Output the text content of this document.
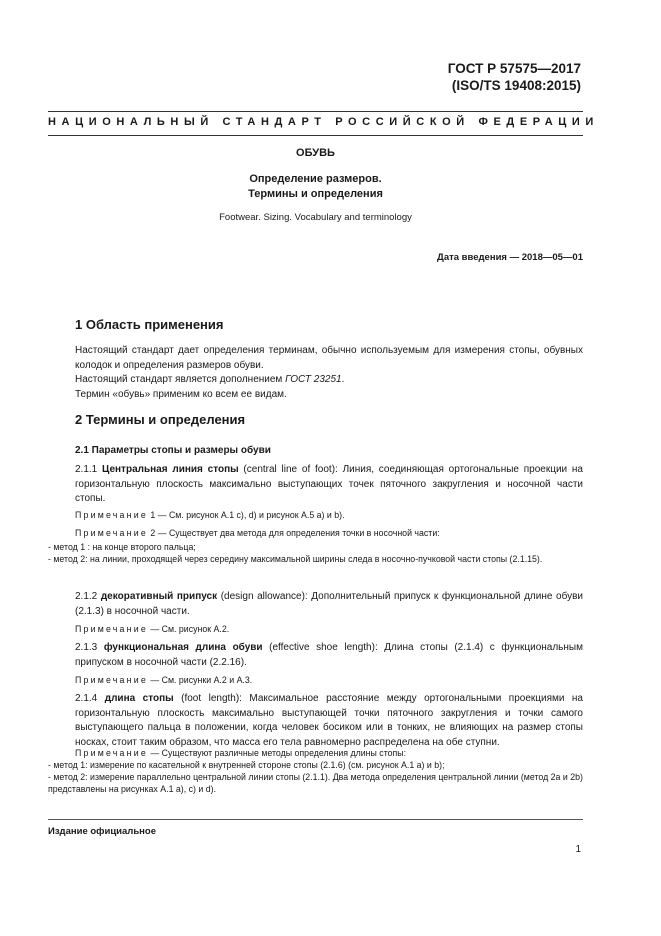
ГОСТ Р 57575—2017
(ISO/TS 19408:2015)
НАЦИОНАЛЬНЫЙ СТАНДАРТ РОССИЙСКОЙ ФЕДЕРАЦИИ
ОБУВЬ
Определение размеров.
Термины и определения
Footwear. Sizing. Vocabulary and terminology
Дата введения — 2018—05—01
1 Область применения

Настоящий стандарт дает определения терминам, обычно используемым для измерения стопы, обувных колодок и определения размеров обуви.

Настоящий стандарт является дополнением ГОСТ 23251.

Термин «обувь» применим ко всем ее видам.

2 Термины и определения
2.1 Параметры стопы и размеры обуви

2.1.1 Центральная линия стопы (central line of foot): Линия, соединяющая ортогональные проекции на горизонтальную плоскость максимально выступающих точек пяточного закругления и носочной части стопы.

Примечание 1 — См. рисунок А.1 с), d) и рисунок А.5 а) и b).

Примечание 2 — Существует два метода для определения точки в носочной части:

- метод 1 : на конце второго пальца;

- метод 2: на линии, проходящей через середину максимальной ширины следа в носочно-пучковой части стопы (2.1.15).

2.1.2 декоративный припуск (design allowance): Дополнительный припуск к функциональной длине обуви (2.1.3) в носочной части.

Примечание — См. рисунок А.2.

2.1.3 функциональная длина обуви (effective shoe length): Длина стопы (2.1.4) с функциональным припуском в носочной части (2.2.16).

Примечание — См. рисунки А.2 и А.3.

2.1.4 длина стопы (foot length): Максимальное расстояние между ортогональными проекциями на горизонтальную плоскость максимально выступающей точки пяточного закругления и точки самого выступающего пальца в положении, когда человек босиком или в тонких, не влияющих на размер стопы носках, стоит таким образом, что масса его тела равномерно распределена на обе ступни.

Примечание — Существуют различные методы определения длины стопы:

- метод 1: измерение по касательной к внутренней стороне стопы (2.1.6) (см. рисунок А.1 а) и b);

- метод 2: измерение параллельно центральной линии стопы (2.1.1). Два метода определения центральной линии (метод 2а и 2b) представлены на рисунках А.1 а), с) и d).

Издание официальное
1
